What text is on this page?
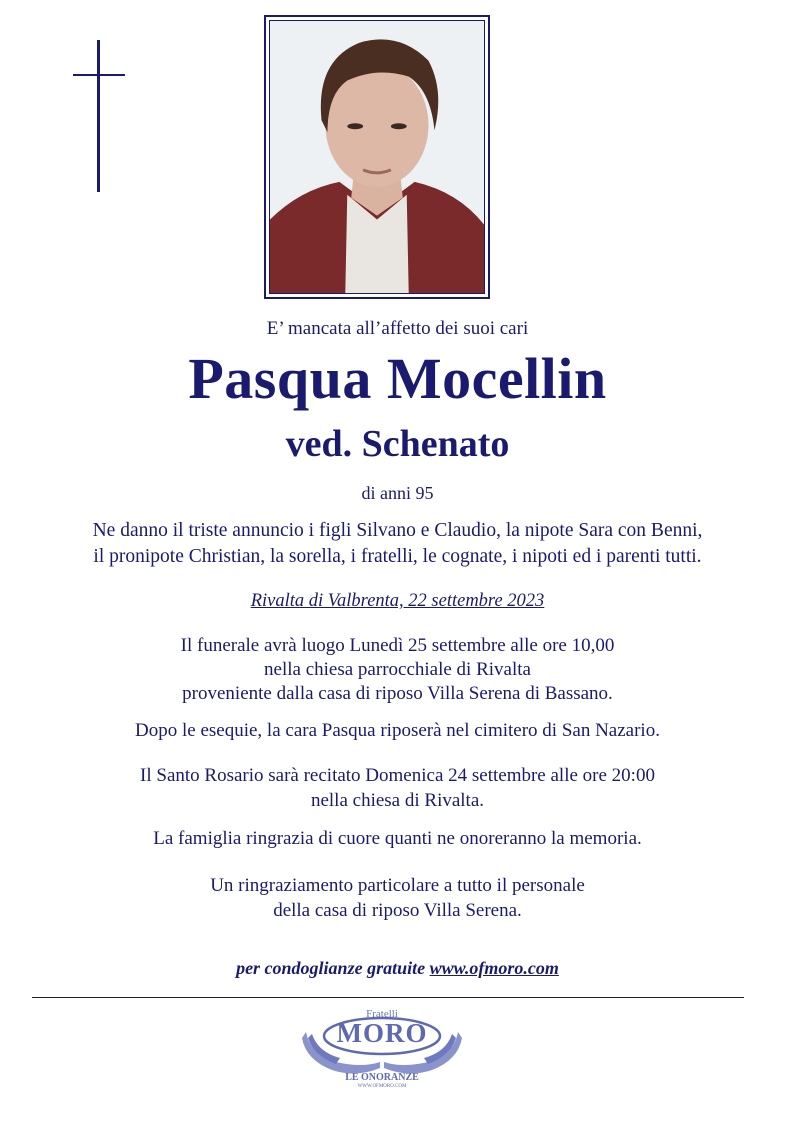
E’ mancata all’affetto dei suoi cari
Pasqua Mocellin
ved. Schenato
di anni 95
Ne danno il triste annuncio i figli Silvano e Claudio, la nipote Sara con Benni,
il pronipote Christian, la sorella, i fratelli, le cognate, i nipoti ed i parenti tutti.
Rivalta di Valbrenta, 22 settembre 2023
Il funerale avrà luogo Lunedì 25 settembre alle ore 10,00
nella chiesa parrocchiale di Rivalta
proveniente dalla casa di riposo Villa Serena di Bassano.
Dopo le esequie, la cara Pasqua riposerà nel cimitero di San Nazario.
Il Santo Rosario sarà recitato Domenica 24 settembre alle ore 20:00
nella chiesa di Rivalta.
La famiglia ringrazia di cuore quanti ne onoreranno la memoria.
Un ringraziamento particolare a tutto il personale
della casa di riposo Villa Serena.
per condoglianze gratuite www.ofmoro.com
Fratelli
MORO
LE ONORANZE
WWW.OFMORO.COM
